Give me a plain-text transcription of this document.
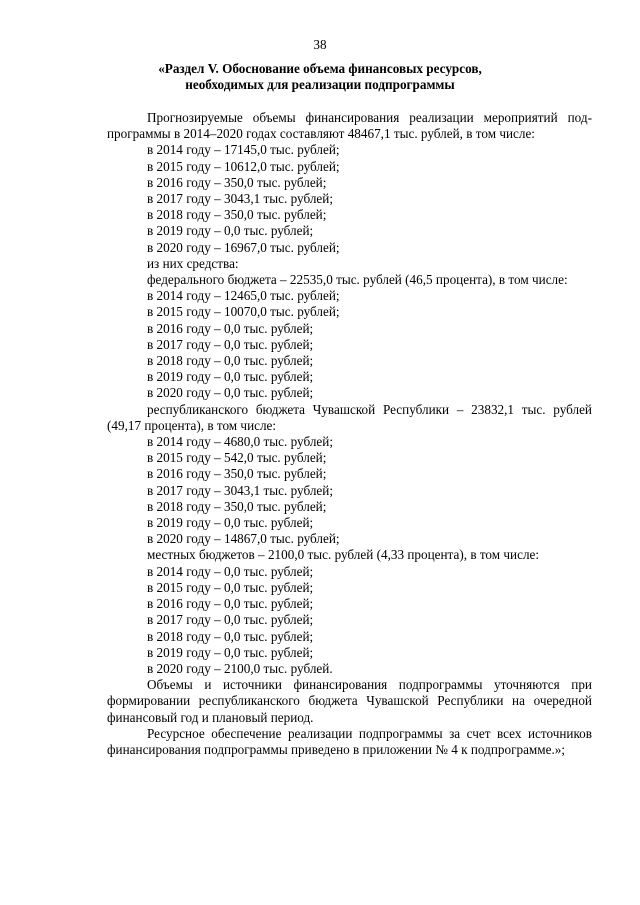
38
«Раздел V. Обоснование объема финансовых ресурсов,
необходимых для реализации подпрограммы
Прогнозируемые объемы финансирования реализации мероприятий под-
программы в 2014–2020 годах составляют 48467,1 тыс. рублей, в том числе:
в 2014 году – 17145,0 тыс. рублей;
в 2015 году – 10612,0 тыс. рублей;
в 2016 году – 350,0 тыс. рублей;
в 2017 году – 3043,1 тыс. рублей;
в 2018 году – 350,0 тыс. рублей;
в 2019 году – 0,0 тыс. рублей;
в 2020 году – 16967,0 тыс. рублей;
из них средства:
федерального бюджета – 22535,0 тыс. рублей (46,5 процента), в том числе:
в 2014 году – 12465,0 тыс. рублей;
в 2015 году – 10070,0 тыс. рублей;
в 2016 году – 0,0 тыс. рублей;
в 2017 году – 0,0 тыс. рублей;
в 2018 году – 0,0 тыс. рублей;
в 2019 году – 0,0 тыс. рублей;
в 2020 году – 0,0 тыс. рублей;
республиканского бюджета Чувашской Республики – 23832,1 тыс. рублей
(49,17 процента), в том числе:
в 2014 году – 4680,0 тыс. рублей;
в 2015 году – 542,0 тыс. рублей;
в 2016 году – 350,0 тыс. рублей;
в 2017 году – 3043,1 тыс. рублей;
в 2018 году – 350,0 тыс. рублей;
в 2019 году – 0,0 тыс. рублей;
в 2020 году – 14867,0 тыс. рублей;
местных бюджетов – 2100,0 тыс. рублей (4,33 процента), в том числе:
в 2014 году – 0,0 тыс. рублей;
в 2015 году – 0,0 тыс. рублей;
в 2016 году – 0,0 тыс. рублей;
в 2017 году – 0,0 тыс. рублей;
в 2018 году – 0,0 тыс. рублей;
в 2019 году – 0,0 тыс. рублей;
в 2020 году – 2100,0 тыс. рублей.
Объемы и источники финансирования подпрограммы уточняются при формировании республиканского бюджета Чувашской Республики на очередной финансовый год и плановый период.
Ресурсное обеспечение реализации подпрограммы за счет всех источников финансирования подпрограммы приведено в приложении № 4 к подпрограмме.»;
